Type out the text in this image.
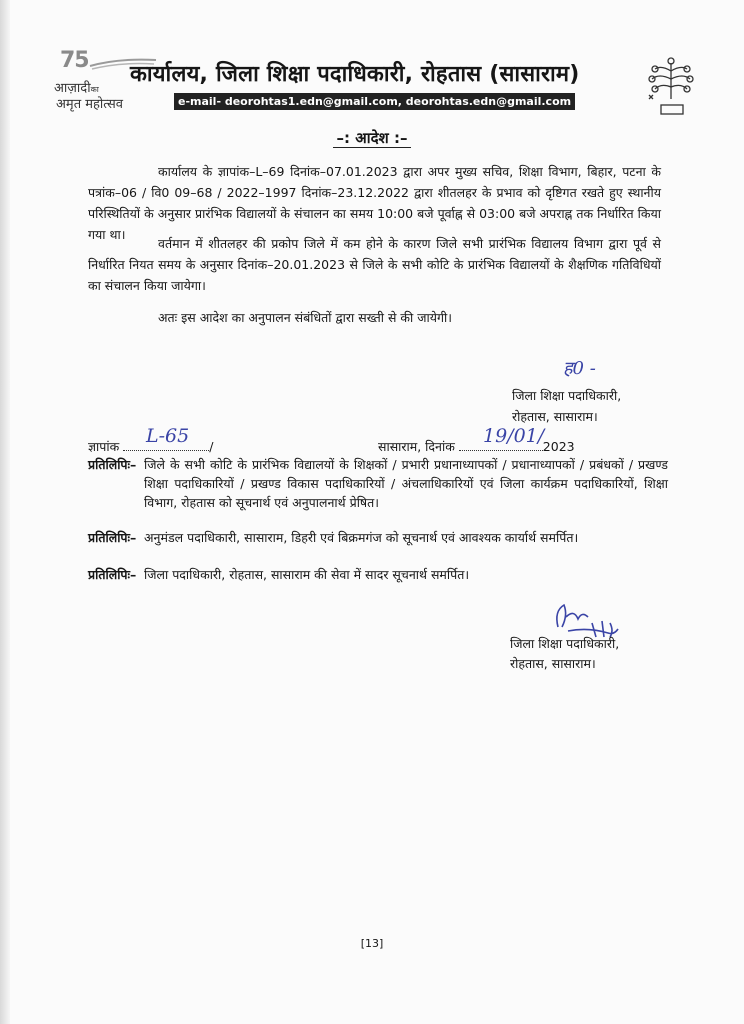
75
आज़ादीका
अमृत महोत्सव
कार्यालय, जिला शिक्षा पदाधिकारी, रोहतास (सासाराम)
e-mail- deorohtas1.edn@gmail.com, deorohtas.edn@gmail.com
–: आदेश :–
कार्यालय के ज्ञापांक–L–69 दिनांक–07.01.2023 द्वारा अपर मुख्य सचिव, शिक्षा विभाग, बिहार, पटना के पत्रांक–06 / वि0 09–68 / 2022–1997 दिनांक–23.12.2022 द्वारा शीतलहर के प्रभाव को दृष्टिगत रखते हुए स्थानीय परिस्थितियों के अनुसार प्रारंभिक विद्यालयों के संचालन का समय 10:00 बजे पूर्वाह्न से 03:00 बजे अपराह्न तक निर्धारित किया गया था।
वर्तमान में शीतलहर की प्रकोप जिले में कम होने के कारण जिले सभी प्रारंभिक विद्यालय विभाग द्वारा पूर्व से निर्धारित नियत समय के अनुसार दिनांक–20.01.2023 से जिले के सभी कोटि के प्रारंभिक विद्यालयों के शैक्षणिक गतिविधियों का संचालन किया जायेगा।
अतः इस आदेश का अनुपालन संबंधितों द्वारा सख्ती से की जायेगी।
ह0 -
जिला शिक्षा पदाधिकारी,
रोहतास, सासाराम।
ज्ञापांक	/
L-65	सासाराम, दिनांक	2023
19/01/
प्रतिलिपिः– जिले के सभी कोटि के प्रारंभिक विद्यालयों के शिक्षकों / प्रभारी प्रधानाध्यापकों / प्रधानाध्यापकों / प्रबंधकों / प्रखण्ड शिक्षा पदाधिकारियों / प्रखण्ड विकास पदाधिकारियों / अंचलाधिकारियों एवं जिला कार्यक्रम पदाधिकारियों, शिक्षा विभाग, रोहतास को सूचनार्थ एवं अनुपालनार्थ प्रेषित।
प्रतिलिपिः– अनुमंडल पदाधिकारी, सासाराम, डिहरी एवं बिक्रमगंज को सूचनार्थ एवं आवश्यक कार्यार्थ समर्पित।
प्रतिलिपिः– जिला पदाधिकारी, रोहतास, सासाराम की सेवा में सादर सूचनार्थ समर्पित।
जिला शिक्षा पदाधिकारी,
रोहतास, सासाराम।
[13]
